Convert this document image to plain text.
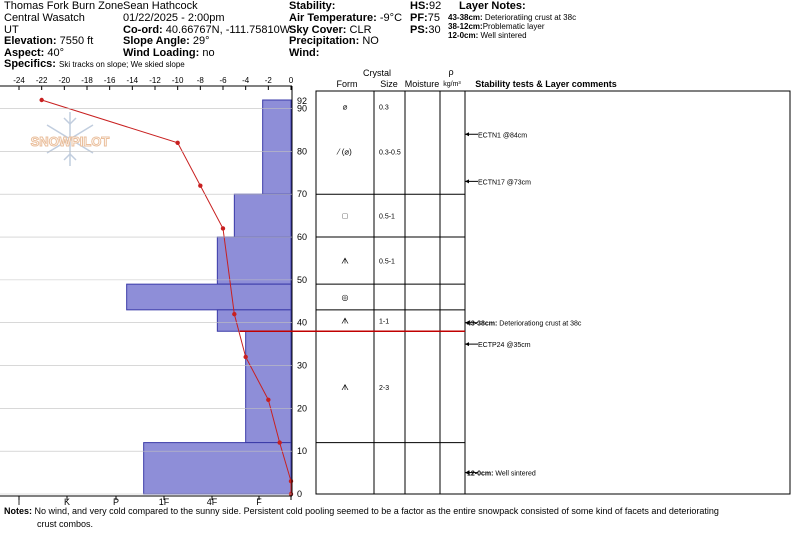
Thomas Fork Burn Zone
Central Wasatch
UT
Elevation: 7550 ft
Aspect: 40°
Specifics: Ski tracks on slope; We skied slope
Sean Hathcock
01/22/2025 - 2:00pm
Co-ord: 40.66767N, -111.75810W
Slope Angle: 29°
Wind Loading: no
Stability:
Air Temperature: -9°C
Sky Cover: CLR
Precipitation: NO
Wind:
HS:92
PF:75
PS:30
Layer Notes:
43-38cm: Deterioratiing crust at 38c
38-12cm:Problematic layer
12-0cm: Well sintered
SNOWPILOT
-24 -22 -20 -18 -16 -14 -12 -10 -8 -6 -4 -2 0
0
10
20
30
40
50
60
70
80
90
92
I	K	P	1F	4F	F
Form
Crystal
Size Moisture
ρ
kg/m³ Stability tests & Layer comments
⌀	0.3
⁄ (⌀)	0.3-0.5
□	0.5-1
ᗑ	0.5-1
◎
ᗑ	1-1
ᗑ	2-3
ECTN1 @84cm
ECTN17 @73cm
43-38cm: Deteriorationg crust at 38c
ECTP24 @35cm
12-0cm: Well sintered
Notes: No wind, and very cold compared to the sunny side. Persistent cold pooling seemed to be a factor as the entire snowpack consisted of some kind of facets and deteriorating
crust combos.
